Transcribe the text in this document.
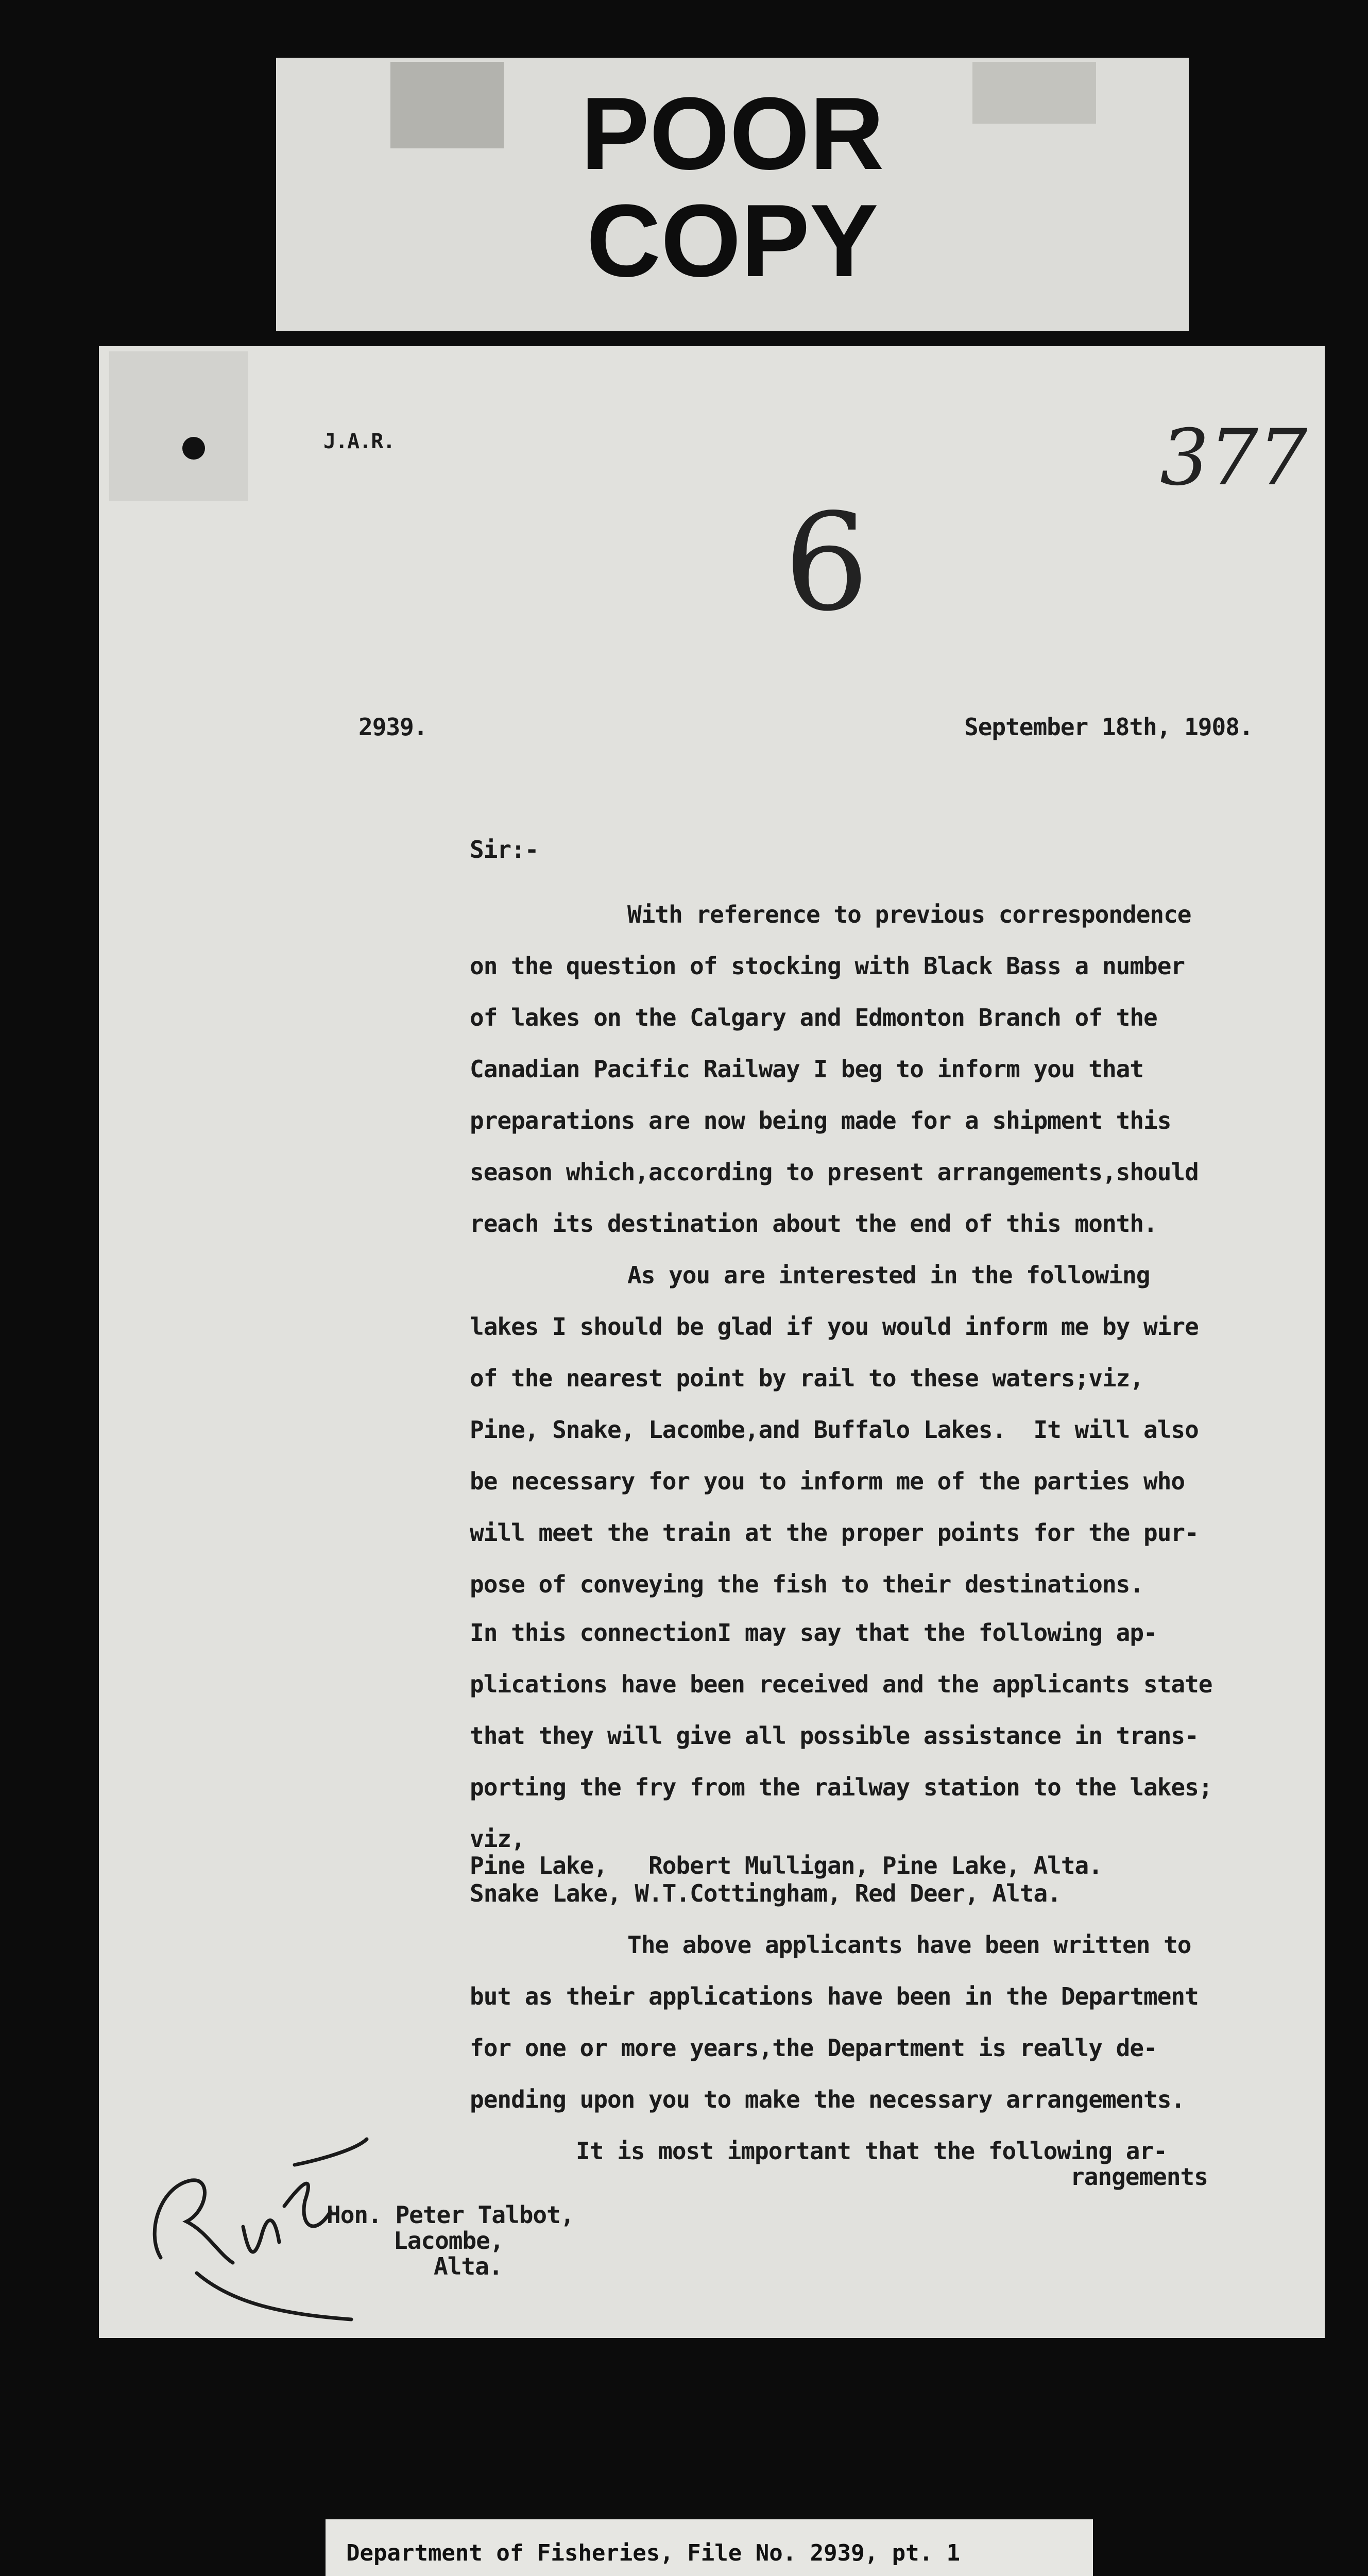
POOR
COPY
J.A.R.	377
6
2939.	September 18th, 1908.
Sir:-
With reference to previous correspondence
on the question of stocking with Black Bass a number
of lakes on the Calgary and Edmonton Branch of the
Canadian Pacific Railway I beg to inform you that
preparations are now being made for a shipment this
season which,according to present arrangements,should
reach its destination about the end of this month.
As you are interested in the following
lakes I should be glad if you would inform me by wire
of the nearest point by rail to these waters;viz,
Pine, Snake, Lacombe,and Buffalo Lakes.  It will also
be necessary for you to inform me of the parties who
will meet the train at the proper points for the pur-
pose of conveying the fish to their destinations.
In this connectionI may say that the following ap-
plications have been received and the applicants state
that they will give all possible assistance in trans-
porting the fry from the railway station to the lakes;
viz,
Pine Lake,   Robert Mulligan, Pine Lake, Alta.
Snake Lake, W.T.Cottingham, Red Deer, Alta.
The above applicants have been written to
but as their applications have been in the Department
for one or more years,the Department is really de-
pending upon you to make the necessary arrangements.
It is most important that the following ar-
rangements
R.N.V.
Hon. Peter Talbot,
Lacombe,
Alta.
Department of Fisheries, File No. 2939, pt. 1
